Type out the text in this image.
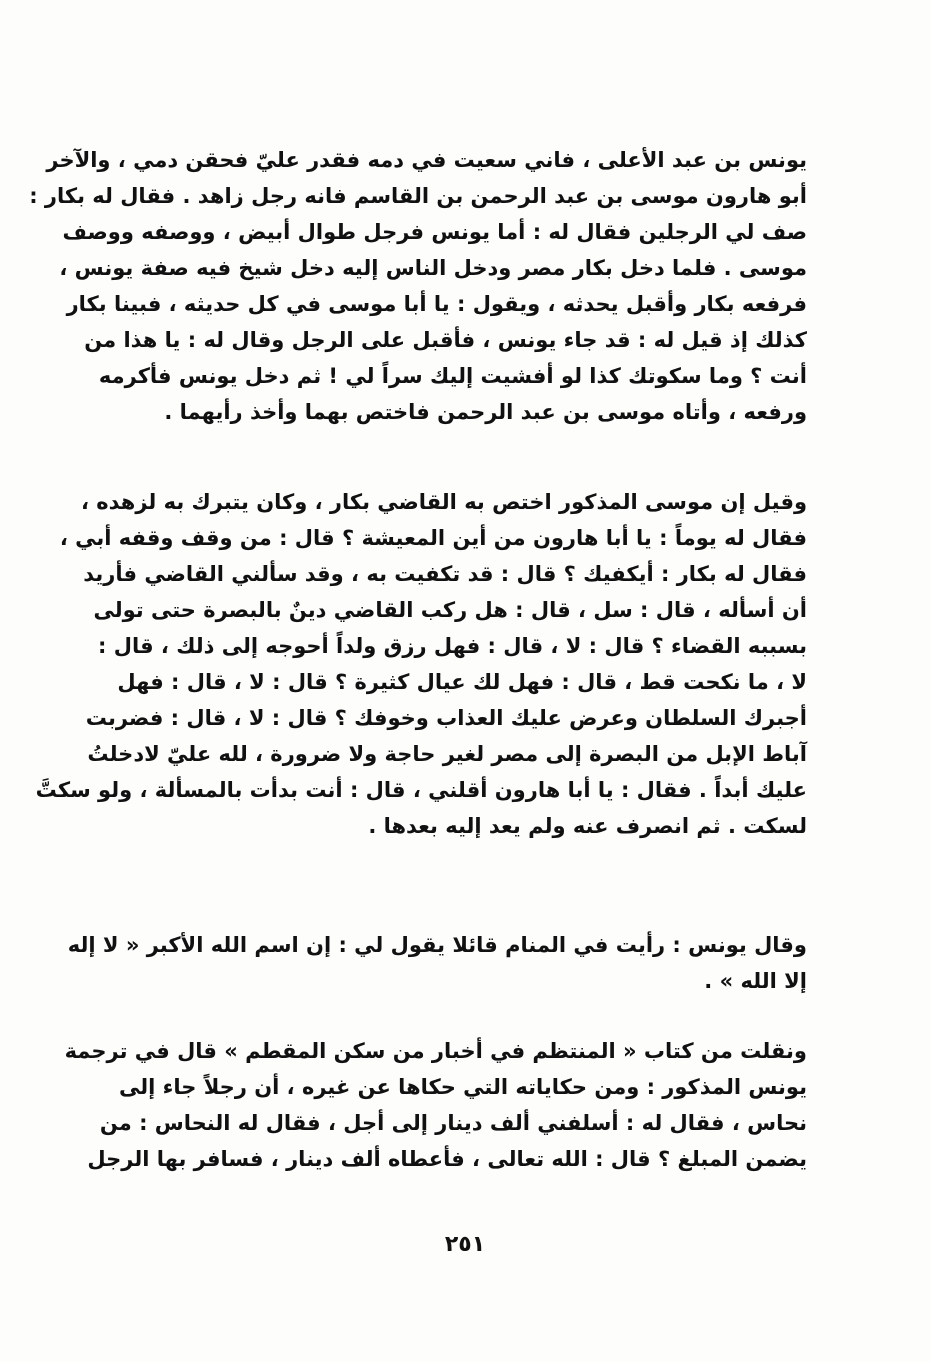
يونس بن عبد الأعلى ، فاني سعيت في دمه فقدر عليّ فحقن دمي ، والآخر
أبو هارون موسى بن عبد الرحمن بن القاسم فانه رجل زاهد . فقال له بكار :
صف لي الرجلين فقال له : أما يونس فرجل طوال أبيض ، ووصفه ووصف
موسى . فلما دخل بكار مصر ودخل الناس إليه دخل شيخ فيه صفة يونس ،
فرفعه بكار وأقبل يحدثه ، ويقول : يا أبا موسى في كل حديثه ، فبينا بكار
كذلك إذ قيل له : قد جاء يونس ، فأقبل على الرجل وقال له : يا هذا من
أنت ؟ وما سكوتك كذا لو أفشيت إليك سراً لي ! ثم دخل يونس فأكرمه
ورفعه ، وأتاه موسى بن عبد الرحمن فاختص بهما وأخذ رأيهما .
وقيل إن موسى المذكور اختص به القاضي بكار ، وكان يتبرك به لزهده ،
فقال له يوماً : يا أبا هارون من أين المعيشة ؟ قال : من وقف وقفه أبي ،
فقال له بكار : أيكفيك ؟ قال : قد تكفيت به ، وقد سألني القاضي فأريد
أن أسأله ، قال : سل ، قال : هل ركب القاضي دينٌ بالبصرة حتى تولى
بسببه القضاء ؟ قال : لا ، قال : فهل رزق ولداً أحوجه إلى ذلك ، قال :
لا ، ما نكحت قط ، قال : فهل لك عيال كثيرة ؟ قال : لا ، قال : فهل
أجبرك السلطان وعرض عليك العذاب وخوفك ؟ قال : لا ، قال : فضربت
آباط الإبل من البصرة إلى مصر لغير حاجة ولا ضرورة ، لله عليّ لادخلتُ
عليك أبداً . فقال : يا أبا هارون أقلني ، قال : أنت بدأت بالمسألة ، ولو سكتَّ
لسكت . ثم انصرف عنه ولم يعد إليه بعدها .
وقال يونس : رأيت في المنام قائلا يقول لي : إن اسم الله الأكبر « لا إله
إلا الله » .
ونقلت من كتاب « المنتظم في أخبار من سكن المقطم » قال في ترجمة
يونس المذكور : ومن حكاياته التي حكاها عن غيره ، أن رجلاً جاء إلى
نحاس ، فقال له : أسلفني ألف دينار إلى أجل ، فقال له النحاس : من
يضمن المبلغ ؟ قال : الله تعالى ، فأعطاه ألف دينار ، فسافر بها الرجل
٢٥١
